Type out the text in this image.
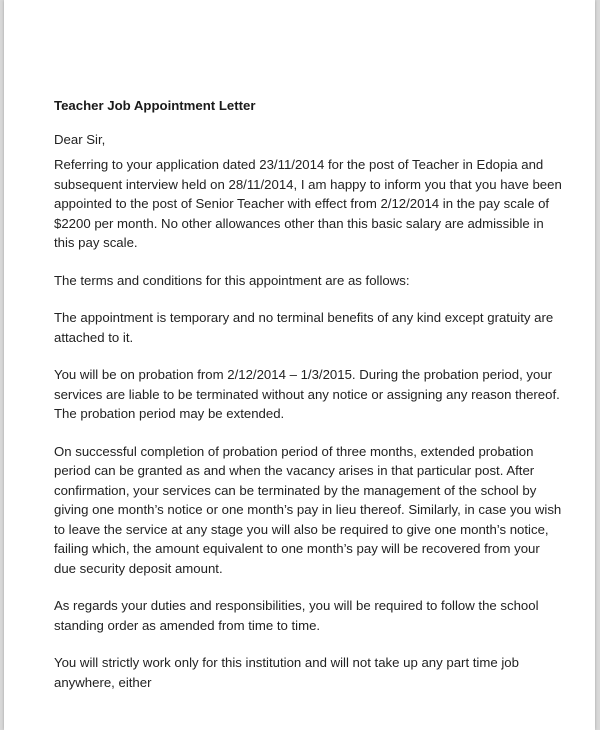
Teacher Job Appointment Letter
Dear Sir,

Referring to your application dated 23/11/2014 for the post of Teacher in Edopia and subsequent interview held on 28/11/2014, I am happy to inform you that you have been appointed to the post of Senior Teacher with effect from 2/12/2014 in the pay scale of $2200 per month. No other allowances other than this basic salary are admissible in this pay scale.

The terms and conditions for this appointment are as follows:

The appointment is temporary and no terminal benefits of any kind except gratuity are attached to it.

You will be on probation from 2/12/2014 – 1/3/2015. During the probation period, your services are liable to be terminated without any notice or assigning any reason thereof. The probation period may be extended.

On successful completion of probation period of three months, extended probation period can be granted as and when the vacancy arises in that particular post. After confirmation, your services can be terminated by the management of the school by giving one month’s notice or one month’s pay in lieu thereof. Similarly, in case you wish to leave the service at any stage you will also be required to give one month’s notice, failing which, the amount equivalent to one month’s pay will be recovered from your due security deposit amount.

As regards your duties and responsibilities, you will be required to follow the school standing order as amended from time to time.

You will strictly work only for this institution and will not take up any part time job anywhere, either
